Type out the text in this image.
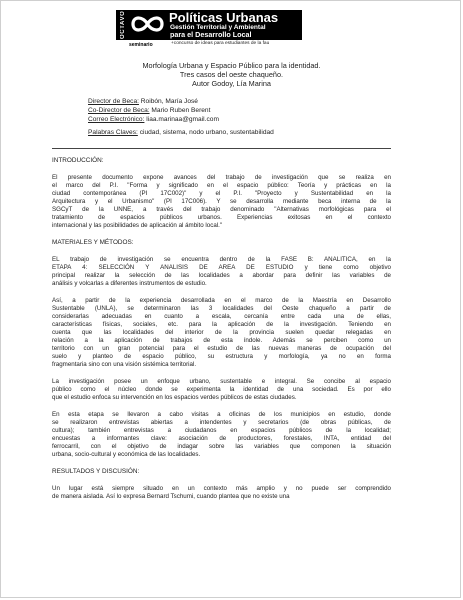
OCTAVO	Políticas Urbanas
Gestión Territorial y Ambiental
para el Desarrollo Local
seminario	+concurso de ideas para estudiantes de la fau
Morfología Urbana y Espacio Público para la identidad.
Tres casos del oeste chaqueño.
Autor Godoy, Lía Marina
Director de Beca: Roibón, María José
Co-Director de Beca: Mario Ruben Berent
Correo Electrónico: liaa.marinaa@gmail.com
Palabras Claves: ciudad, sistema, nodo urbano, sustentabilidad
INTRODUCCIÓN:

El presente documento expone avances del trabajo de investigación que se realiza en
el marco del P.I. "Forma y significado en el espacio público: Teoría y prácticas en la
ciudad contemporánea (PI 17C002)" y el P.I. "Proyecto y Sustentabilidad en la
Arquitectura y el Urbanismo" (PI 17C006). Y se desarrolla mediante beca interna de la
SGCyT de la UNNE, a través del trabajo denominado "Alternativas morfológicas para el
tratamiento de espacios públicos urbanos. Experiencias exitosas en el contexto
internacional y las posibilidades de aplicación al ámbito local."

MATERIALES Y MÉTODOS:

EL trabajo de investigación se encuentra dentro de la FASE B: ANALITICA, en la
ETAPA 4: SELECCIÓN Y ANALISIS DE AREA DE ESTUDIO y tiene como objetivo
principal realizar la selección de las localidades a abordar para definir las variables de
análisis y volcarlas a diferentes instrumentos de estudio.

Así, a partir de la experiencia desarrollada en el marco de la Maestría en Desarrollo
Sustentable (UNLA), se determinaron las 3 localidades del Oeste chaqueño a partir de
considerarlas adecuadas en cuanto a escala, cercanía entre cada una de ellas,
características físicas, sociales, etc. para la aplicación de la investigación. Teniendo en
cuenta que las localidades del interior de la provincia suelen quedar relegadas en
relación a la aplicación de trabajos de esta índole. Además se perciben como un
territorio con un gran potencial para el estudio de las nuevas maneras de ocupación del
suelo y planteo de espacio público, su estructura y morfología, ya no en forma
fragmentaria sino con una visión sistémica territorial.

La investigación posee un enfoque urbano, sustentable e integral. Se concibe al espacio
público como el núcleo donde se experimenta la identidad de una sociedad. Es por ello
que el estudio enfoca su intervención en los espacios verdes públicos de estas ciudades.

En esta etapa se llevaron a cabo visitas a oficinas de los municipios en estudio, donde
se realizaron entrevistas abiertas a intendentes y secretarios (de obras públicas, de
cultura); también entrevistas a ciudadanos en espacios públicos de la localidad;
encuestas a informantes clave: asociación de productores, forestales, INTA, entidad del
ferrocarril, con el objetivo de indagar sobre las variables que componen la situación
urbana, socio-cultural y económica de las localidades.

RESULTADOS Y DISCUSIÓN:

Un lugar está siempre situado en un contexto más amplio y no puede ser comprendido
de manera aislada. Así lo expresa Bernard Tschumi, cuando plantea que no existe una
